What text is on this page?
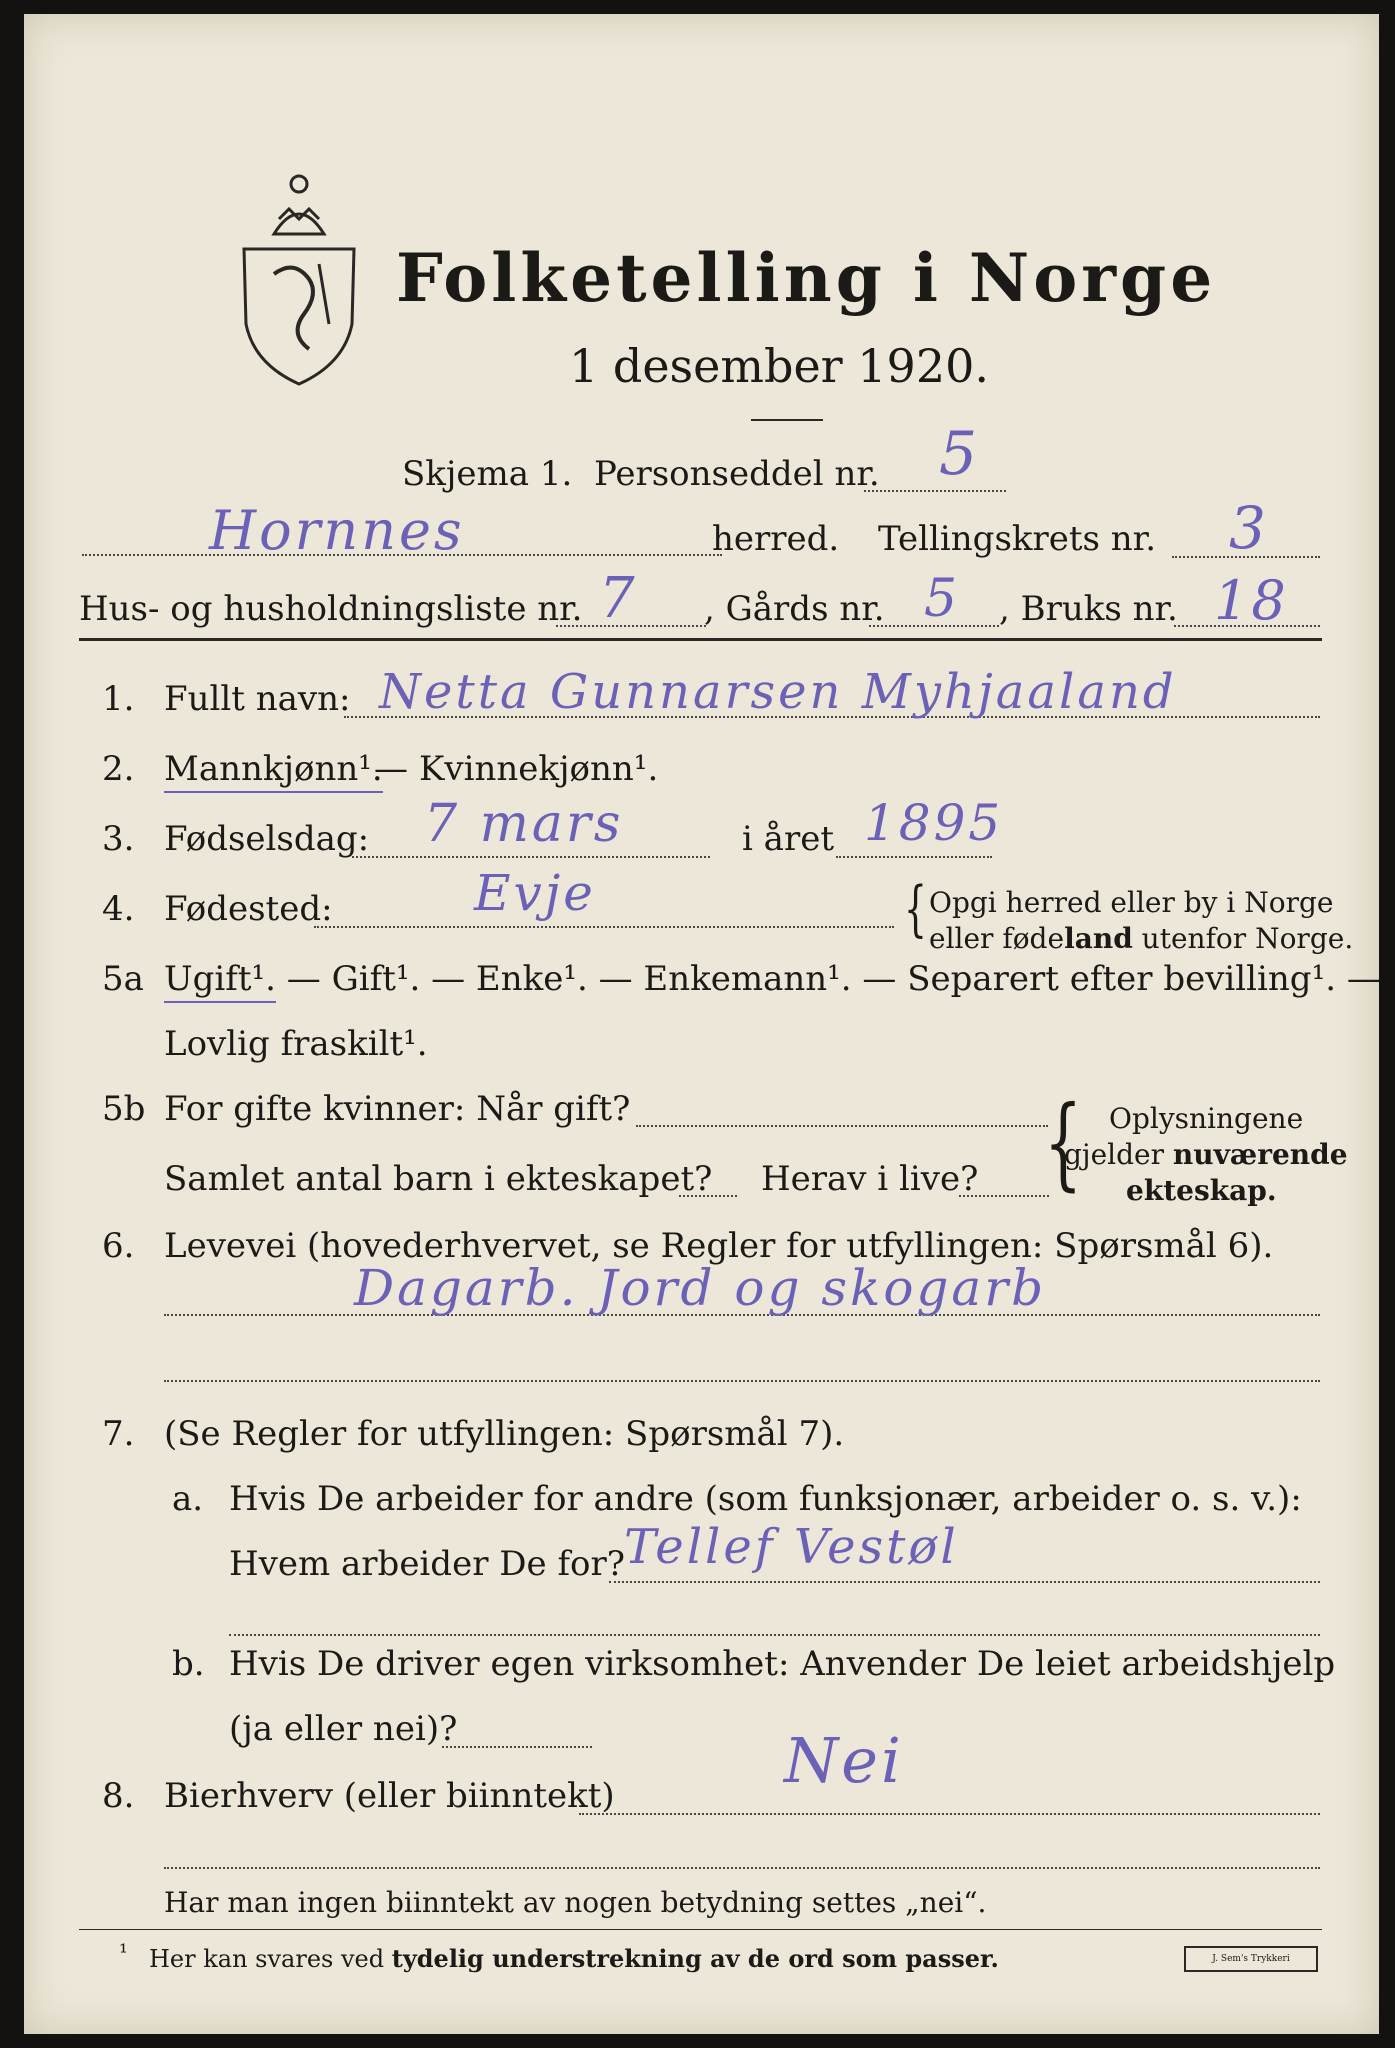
Folketelling i Norge
1 desember 1920.
Skjema 1. Personseddel nr. 5
Hornnes	herred. Tellingskrets nr. 3
Hus- og husholdningsliste nr. 7 , Gårds nr. 5 , Bruks nr. 18
1. Fullt navn: Netta Gunnarsen Myhjaaland
2. Mannkjønn¹.
— Kvinnekjønn¹.
3. Fødselsdag: 7 mars	i året 1895
4. Fødested:	Evje	{ Opgi herred eller by i Norge
eller fødeland utenfor Norge.
5a Ugift¹. — Gift¹. — Enke¹. — Enkemann¹. — Separert efter bevilling¹. —
Lovlig fraskilt¹.
5b For gifte kvinner: Når gift?
Samlet antal barn i ekteskapet? Herav i live? { Oplysningene
gjelder nuværende
ekteskap.
6. Levevei (hovederhvervet, se Regler for utfyllingen: Spørsmål 6).
Dagarb. Jord og skogarb
7. (Se Regler for utfyllingen: Spørsmål 7).
a. Hvis De arbeider for andre (som funksjonær, arbeider o. s. v.):
Hvem arbeider De for? Tellef Vestøl
b. Hvis De driver egen virksomhet: Anvender De leiet arbeidshjelp
(ja eller nei)?
8. Bierhverv (eller biinntekt)	Nei
Har man ingen biinntekt av nogen betydning settes „nei“.
¹ Her kan svares ved tydelig understrekning av de ord som passer.	J. Sem's Trykkeri
